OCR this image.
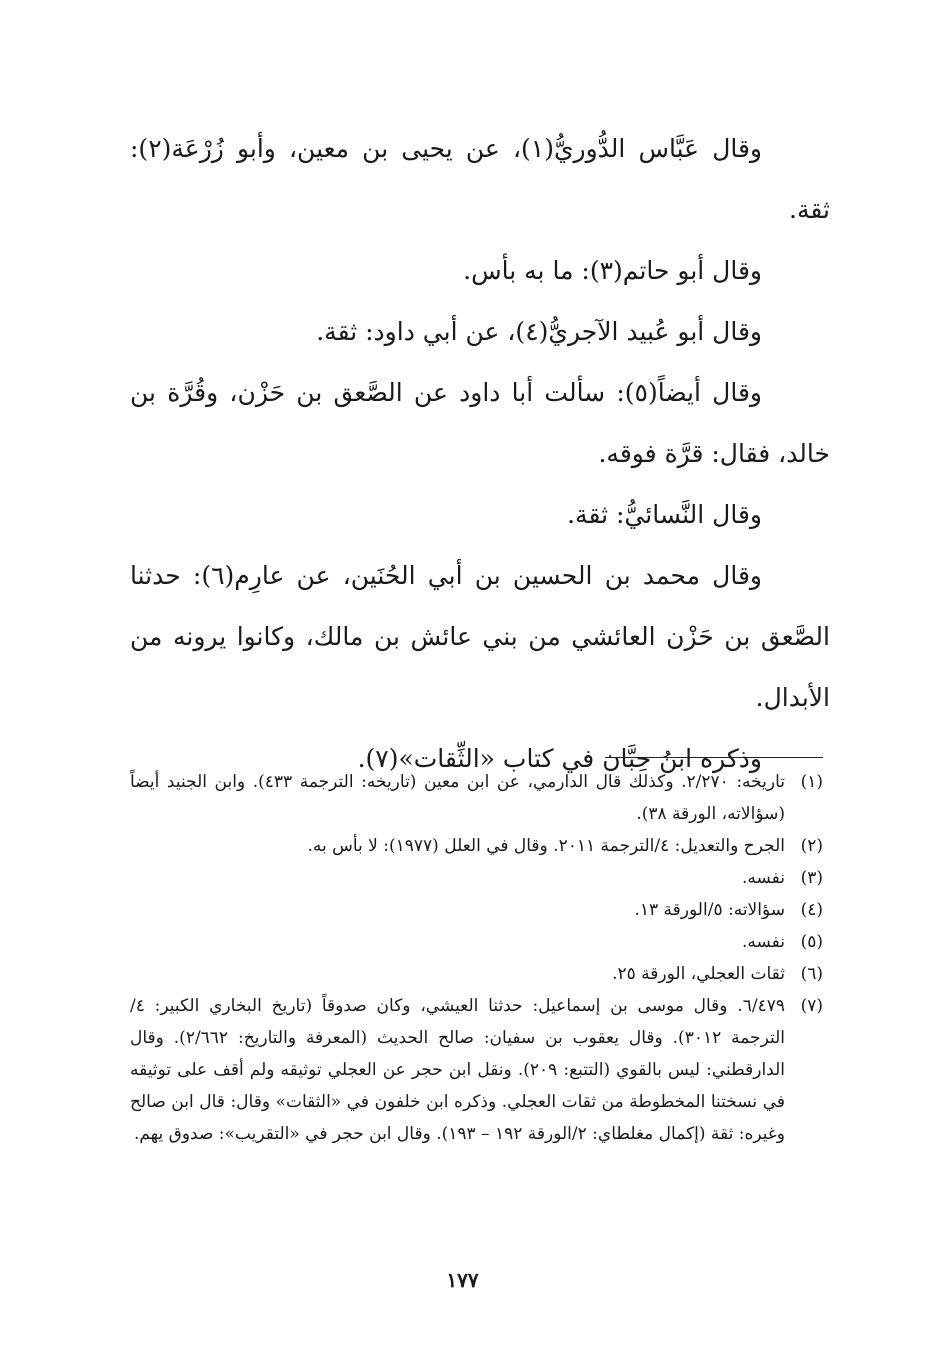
وقال عَبَّاس الدُّوريُّ(١)، عن يحيى بن معين، وأبو زُرْعَة(٢): ثقة.

وقال أبو حاتم(٣): ما به بأس.

وقال أبو عُبيد الآجريُّ(٤)، عن أبي داود: ثقة.

وقال أيضاً(٥): سألت أبا داود عن الصَّعق بن حَزْن، وقُرَّة بن خالد، فقال: قرَّة فوقه.

وقال النَّسائيُّ: ثقة.

وقال محمد بن الحسين بن أبي الحُنَين، عن عارِم(٦): حدثنا الصَّعق بن حَزْن العائشي من بني عائش بن مالك، وكانوا يرونه من الأبدال.

وذكره ابنُ حِبَّان في كتاب «الثِّقات»(٧).

(١)
تاريخه: ٢/٢٧٠. وكذلك قال الدارمي، عن ابن معين (تاريخه: الترجمة ٤٣٣). وابن الجنيد أيضاً (سؤالاته، الورقة ٣٨).
(٢)
الجرح والتعديل: ٤/الترجمة ٢٠١١. وقال في العلل (١٩٧٧): لا بأس به.
(٣)
نفسه.
(٤)
سؤالاته: ٥/الورقة ١٣.
(٥)
نفسه.
(٦)
ثقات العجلي، الورقة ٢٥.
(٧)
٦/٤٧٩. وقال موسى بن إسماعيل: حدثنا العيشي، وكان صدوقاً (تاريخ البخاري الكبير: ٤/الترجمة ٣٠١٢). وقال يعقوب بن سفيان: صالح الحديث (المعرفة والتاريخ: ٢/٦٦٢). وقال الدارقطني: ليس بالقوي (التتبع: ٢٠٩). ونقل ابن حجر عن العجلي توثيقه ولم أقف على توثيقه في نسختنا المخطوطة من ثقات العجلي. وذكره ابن خلفون في «الثقات» وقال: قال ابن صالح وغيره: ثقة (إكمال مغلطاي: ٢/الورقة ١٩٢ – ١٩٣). وقال ابن حجر في «التقريب»: صدوق يهم.
١٧٧
